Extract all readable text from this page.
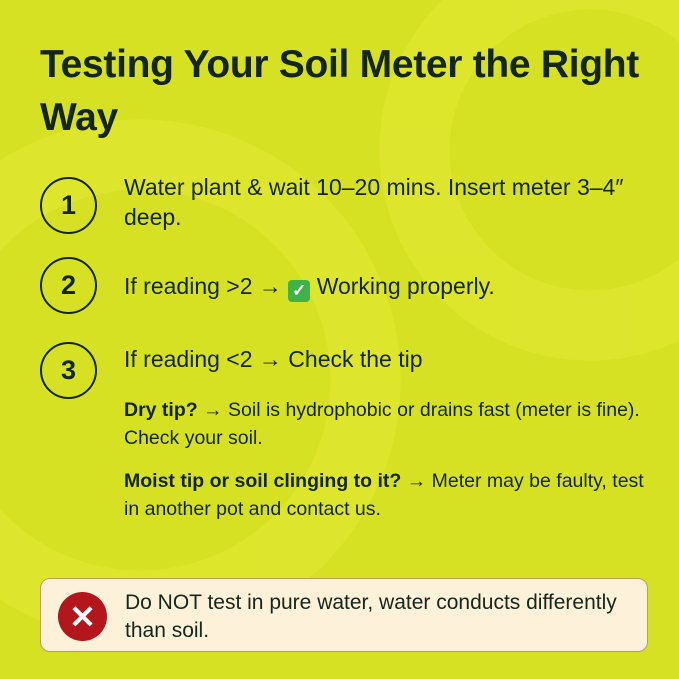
Testing Your Soil Meter the Right Way
1
Water plant & wait 10–20 mins. Insert meter 3–4″ deep.
2	If reading >2 → ✓ Working properly.
3	If reading <2 → Check the tip
Dry tip? → Soil is hydrophobic or drains fast (meter is fine). Check your soil.
Moist tip or soil clinging to it? → Meter may be faulty, test in another pot and contact us.
✕	Do NOT test in pure water, water conducts differently than soil.
